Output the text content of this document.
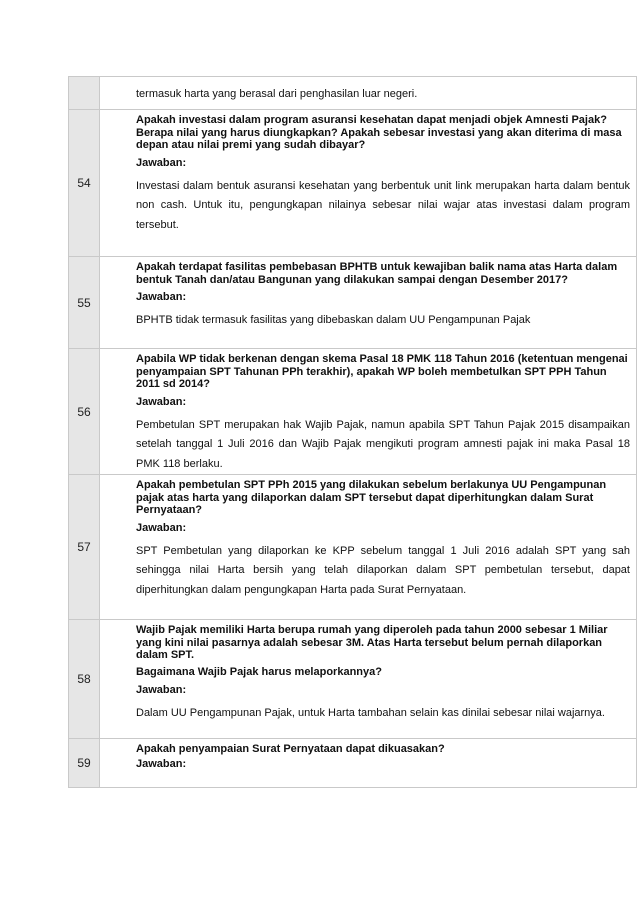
	termasuk harta yang berasal dari penghasilan luar negeri.

54	Apakah investasi dalam program asuransi kesehatan dapat menjadi objek Amnesti Pajak? Berapa nilai yang harus diungkapkan? Apakah sebesar investasi yang akan diterima di masa depan atau nilai premi yang sudah dibayar?
Jawaban:
Investasi dalam bentuk asuransi kesehatan yang berbentuk unit link merupakan harta dalam bentuk non cash. Untuk itu, pengungkapan nilainya sebesar nilai wajar atas investasi dalam program tersebut.

55	Apakah terdapat fasilitas pembebasan BPHTB untuk kewajiban balik nama atas Harta dalam bentuk Tanah dan/atau Bangunan yang dilakukan sampai dengan Desember 2017?
Jawaban:
BPHTB tidak termasuk fasilitas yang dibebaskan dalam UU Pengampunan Pajak

56	Apabila WP tidak berkenan dengan skema Pasal 18 PMK 118 Tahun 2016 (ketentuan mengenai penyampaian SPT Tahunan PPh terakhir), apakah WP boleh membetulkan SPT PPH Tahun 2011 sd 2014?
Jawaban:
Pembetulan SPT merupakan hak Wajib Pajak, namun apabila SPT Tahun Pajak 2015 disampaikan setelah tanggal 1 Juli 2016 dan Wajib Pajak mengikuti program amnesti pajak ini maka Pasal 18 PMK 118 berlaku.

57	Apakah pembetulan SPT PPh 2015 yang dilakukan sebelum berlakunya UU Pengampunan pajak atas harta yang dilaporkan dalam SPT tersebut dapat diperhitungkan dalam Surat Pernyataan?
Jawaban:
SPT Pembetulan yang dilaporkan ke KPP sebelum tanggal 1 Juli 2016 adalah SPT yang sah sehingga nilai Harta bersih yang telah dilaporkan dalam SPT pembetulan tersebut, dapat diperhitungkan dalam pengungkapan Harta pada Surat Pernyataan.

58	Wajib Pajak memiliki Harta berupa rumah yang diperoleh pada tahun 2000 sebesar 1 Miliar yang kini nilai pasarnya adalah sebesar 3M. Atas Harta tersebut belum pernah dilaporkan dalam SPT.
Bagaimana Wajib Pajak harus melaporkannya?
Jawaban:
Dalam UU Pengampunan Pajak, untuk Harta tambahan selain kas dinilai sebesar nilai wajarnya.

59	Apakah penyampaian Surat Pernyataan dapat dikuasakan?
Jawaban:
